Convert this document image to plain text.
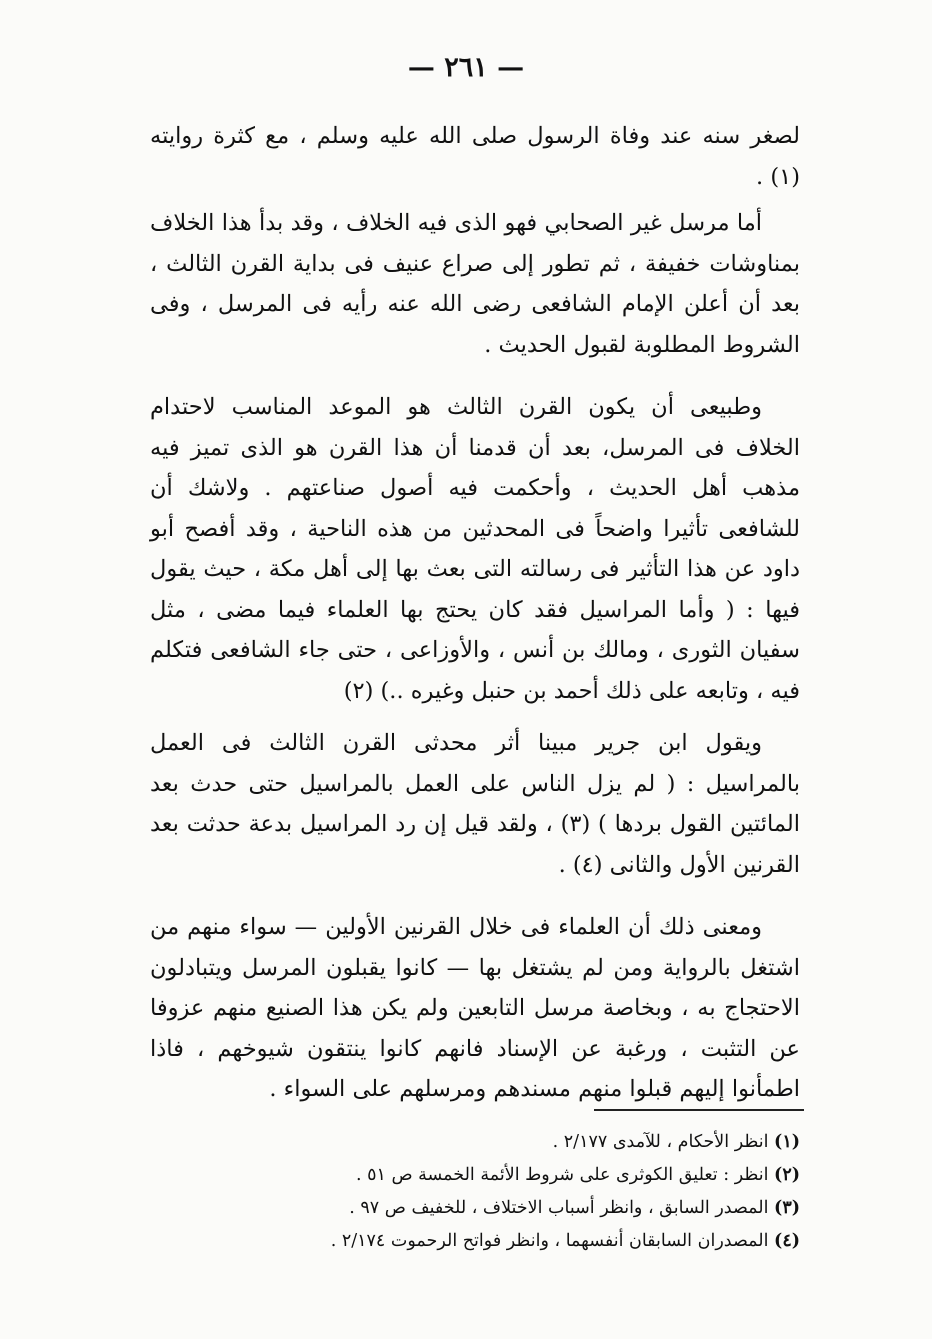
— ٢٦١ —

لصغر سنه عند وفاة الرسول صلى الله عليه وسلم ، مع كثرة روايته (١) .

أما مرسل غير الصحابي فهو الذى فيه الخلاف ، وقد بدأ هذا الخلاف بمناوشات خفيفة ، ثم تطور إلى صراع عنيف فى بداية القرن الثالث ، بعد أن أعلن الإمام الشافعى رضى الله عنه رأيه فى المرسل ، وفى الشروط المطلوبة لقبول الحديث .

وطبيعى أن يكون القرن الثالث هو الموعد المناسب لاحتدام الخلاف فى المرسل، بعد أن قدمنا أن هذا القرن هو الذى تميز فيه مذهب أهل الحديث ، وأحكمت فيه أصول صناعتهم . ولاشك أن للشافعى تأثيرا واضحاً فى المحدثين من هذه الناحية ، وقد أفصح أبو داود عن هذا التأثير فى رسالته التى بعث بها إلى أهل مكة ، حيث يقول فيها : ( وأما المراسيل فقد كان يحتج بها العلماء فيما مضى ، مثل سفيان الثورى ، ومالك بن أنس ، والأوزاعى ، حتى جاء الشافعى فتكلم فيه ، وتابعه على ذلك أحمد بن حنبل وغيره ..) (٢)

ويقول ابن جرير مبينا أثر محدثى القرن الثالث فى العمل بالمراسيل : ( لم يزل الناس على العمل بالمراسيل حتى حدث بعد المائتين القول بردها ) (٣) ، ولقد قيل إن رد المراسيل بدعة حدثت بعد القرنين الأول والثانى (٤) .

ومعنى ذلك أن العلماء فى خلال القرنين الأولين — سواء منهم من اشتغل بالرواية ومن لم يشتغل بها — كانوا يقبلون المرسل ويتبادلون الاحتجاج به ، وبخاصة مرسل التابعين ولم يكن هذا الصنيع منهم عزوفا عن التثبت ، ورغبة عن الإسناد فانهم كانوا ينتقون شيوخهم ، فاذا اطمأنوا إليهم قبلوا منهم مسندهم ومرسلهم على السواء .

(١) انظر الأحكام ، للآمدى ٢/١٧٧ .

(٢) انظر : تعليق الكوثرى على شروط الأئمة الخمسة ص ٥١ .

(٣) المصدر السابق ، وانظر أسباب الاختلاف ، للخفيف ص ٩٧ .

(٤) المصدران السابقان أنفسهما ، وانظر فواتح الرحموت ٢/١٧٤ .
